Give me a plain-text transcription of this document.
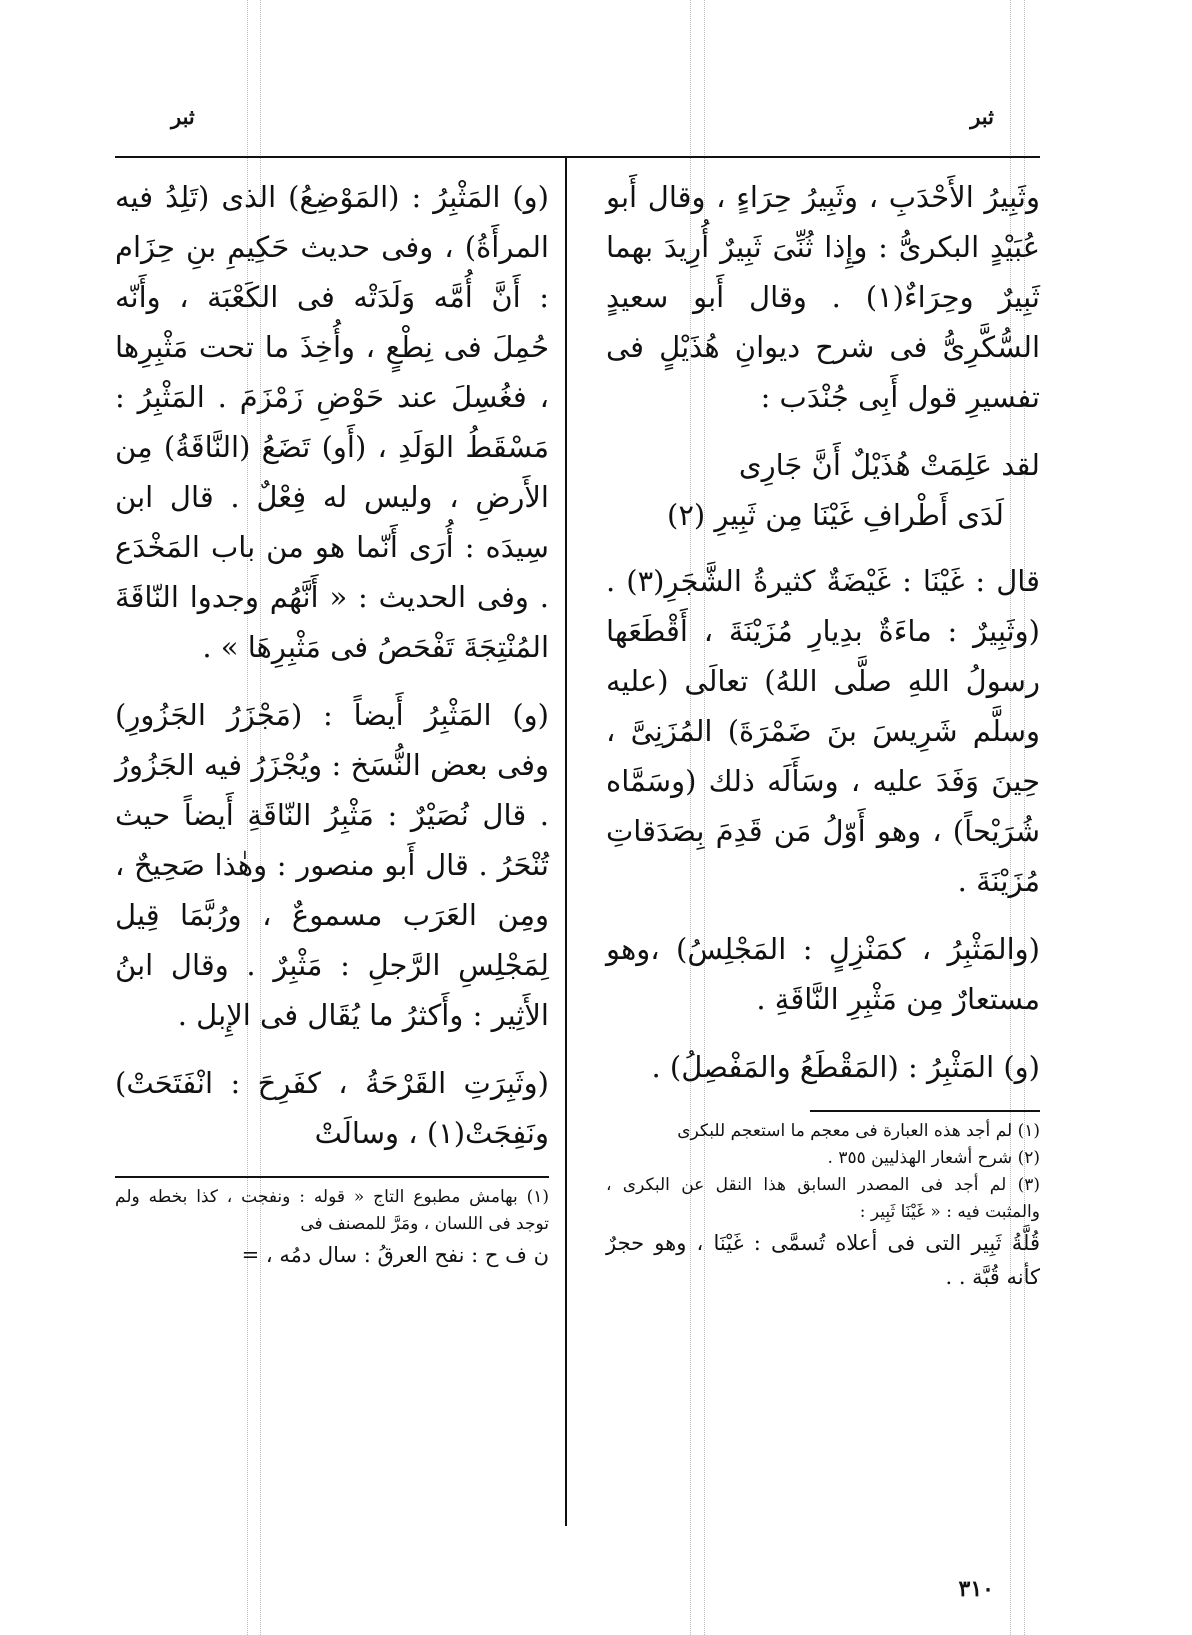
ثبر
ثبر

وثَبِيرُ الأَحْدَبِ ، وثَبِيرُ حِرَاءٍ ، وقال أَبو عُبَيْدٍ البكرىُّ : وإِذا ثُنِّىَ ثَبِيرٌ أُرِيدَ بهما ثَبِيرٌ وحِرَاءٌ(١) . وقال أَبو سعيدٍ السُّكَّرِىُّ فى شرح ديوانِ هُذَيْلٍ فى تفسيرِ قول أَبِى جُنْدَب :

لقد عَلِمَتْ هُذَيْلٌ أَنَّ جَارِى
لَدَى أَطْرافِ غَيْنَا مِن ثَبِيرِ (٢)

قال : غَيْنَا : غَيْضَةٌ كثيرةُ الشَّجَرِ(٣) . (وثَبِيرٌ : ماءَةٌ بدِيارِ مُزَيْنَةَ ، أَقْطَعَها رسولُ اللهِ صلَّى اللهُ) تعالَى (عليه وسلَّم شَرِيسَ بنَ ضَمْرَةَ) المُزَنِىَّ ، حِينَ وَفَدَ عليه ، وسَأَلَه ذلك (وسَمَّاه شُرَيْحاً) ، وهو أَوّلُ مَن قَدِمَ بِصَدَقاتِ مُزَيْنَةَ .

(والمَثْبِرُ ، كمَنْزِلٍ : المَجْلِسُ) ،وهو مستعارٌ مِن مَثْبِرِ النَّاقَةِ .

(و) المَثْبِرُ : (المَقْطَعُ والمَفْصِلُ) .

(١) لم أجد هذه العبارة فى معجم ما استعجم للبكرى

(٢) شرح أشعار الهذليين ٣٥٥ .

(٣) لم أجد فى المصدر السابق هذا النقل عن البكرى ، والمثبت فيه : « غَيْنَا ثَبِير :

قُلَّةُ ثَبِير التى فى أعلاه تُسمَّى : غَيْنَا ، وهو حجرٌ كأنه قُبَّة . .

(و) المَثْبِرُ : (المَوْضِعُ) الذى (تَلِدُ فيه المرأَةُ) ، وفى حديث حَكِيمِ بنِ حِزَام : أَنَّ أُمَّه وَلَدَتْه فى الكَعْبَة ، وأَنّه حُمِلَ فى نِطْعٍ ، وأُخِذَ ما تحت مَثْبِرِها ، فغُسِلَ عند حَوْضِ زَمْزَمَ . المَثْبِرُ : مَسْقَطُ الوَلَدِ ، (أَو) تَضَعُ (النَّاقَةُ) مِن الأَرضِ ، وليس له فِعْلٌ . قال ابن سِيدَه : أُرَى أَنّما هو من باب المَخْدَع . وفى الحديث : « أَنَّهُم وجدوا النّاقَةَ المُنْتِجَةَ تَفْحَصُ فى مَثْبِرِهَا » .

(و) المَثْبِرُ أَيضاً : (مَجْزَرُ الجَزُورِ) وفى بعض النُّسَخ : ويُجْزَرُ فيه الجَزُورُ . قال نُصَيْرٌ : مَثْبِرُ النّاقَةِ أَيضاً حيث تُنْحَرُ . قال أَبو منصور : وهٰذا صَحِيحٌ ، ومِن العَرَب مسموعٌ ، ورُبَّمَا قِيل لِمَجْلِسِ الرَّجلِ : مَثْبِرٌ . وقال ابنُ الأَثِير : وأَكثرُ ما يُقَال فى الإِبل .

(وثَبِرَتِ القَرْحَةُ ، كفَرِحَ : انْفَتَحَتْ) ونَفِجَتْ(١) ، وسالَتْ

(١) بهامش مطبوع التاج « قوله : ونفجت ، كذا بخطه ولم توجد فى اللسان ، ومَرَّ للمصنف فى

ن ف ح : نفح العرقُ : سال دمُه ، =

٣١٠
